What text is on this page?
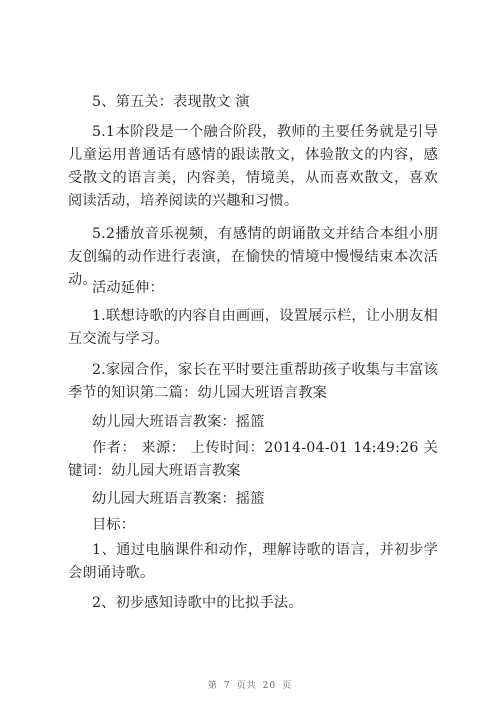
5、第五关：表现散文 演

5.1本阶段是一个融合阶段，教师的主要任务就是引导儿童运用普通话有感情的跟读散文，体验散文的内容，感受散文的语言美，内容美，情境美，从而喜欢散文，喜欢阅读活动，培养阅读的兴趣和习惯。

5.2播放音乐视频，有感情的朗诵散文并结合本组小朋友创编的动作进行表演，在愉快的情境中慢慢结束本次活动。

活动延伸：

1.联想诗歌的内容自由画画，设置展示栏，让小朋友相互交流与学习。

2.家园合作，家长在平时要注重帮助孩子收集与丰富该季节的知识第二篇：幼儿园大班语言教案

幼儿园大班语言教案：摇篮

作者： 来源： 上传时间：2014-04-01 14:49:26 关键词：幼儿园大班语言教案

幼儿园大班语言教案：摇篮

目标：

1、通过电脑课件和动作，理解诗歌的语言，并初步学会朗诵诗歌。

2、初步感知诗歌中的比拟手法。

第 7 页共 20 页
